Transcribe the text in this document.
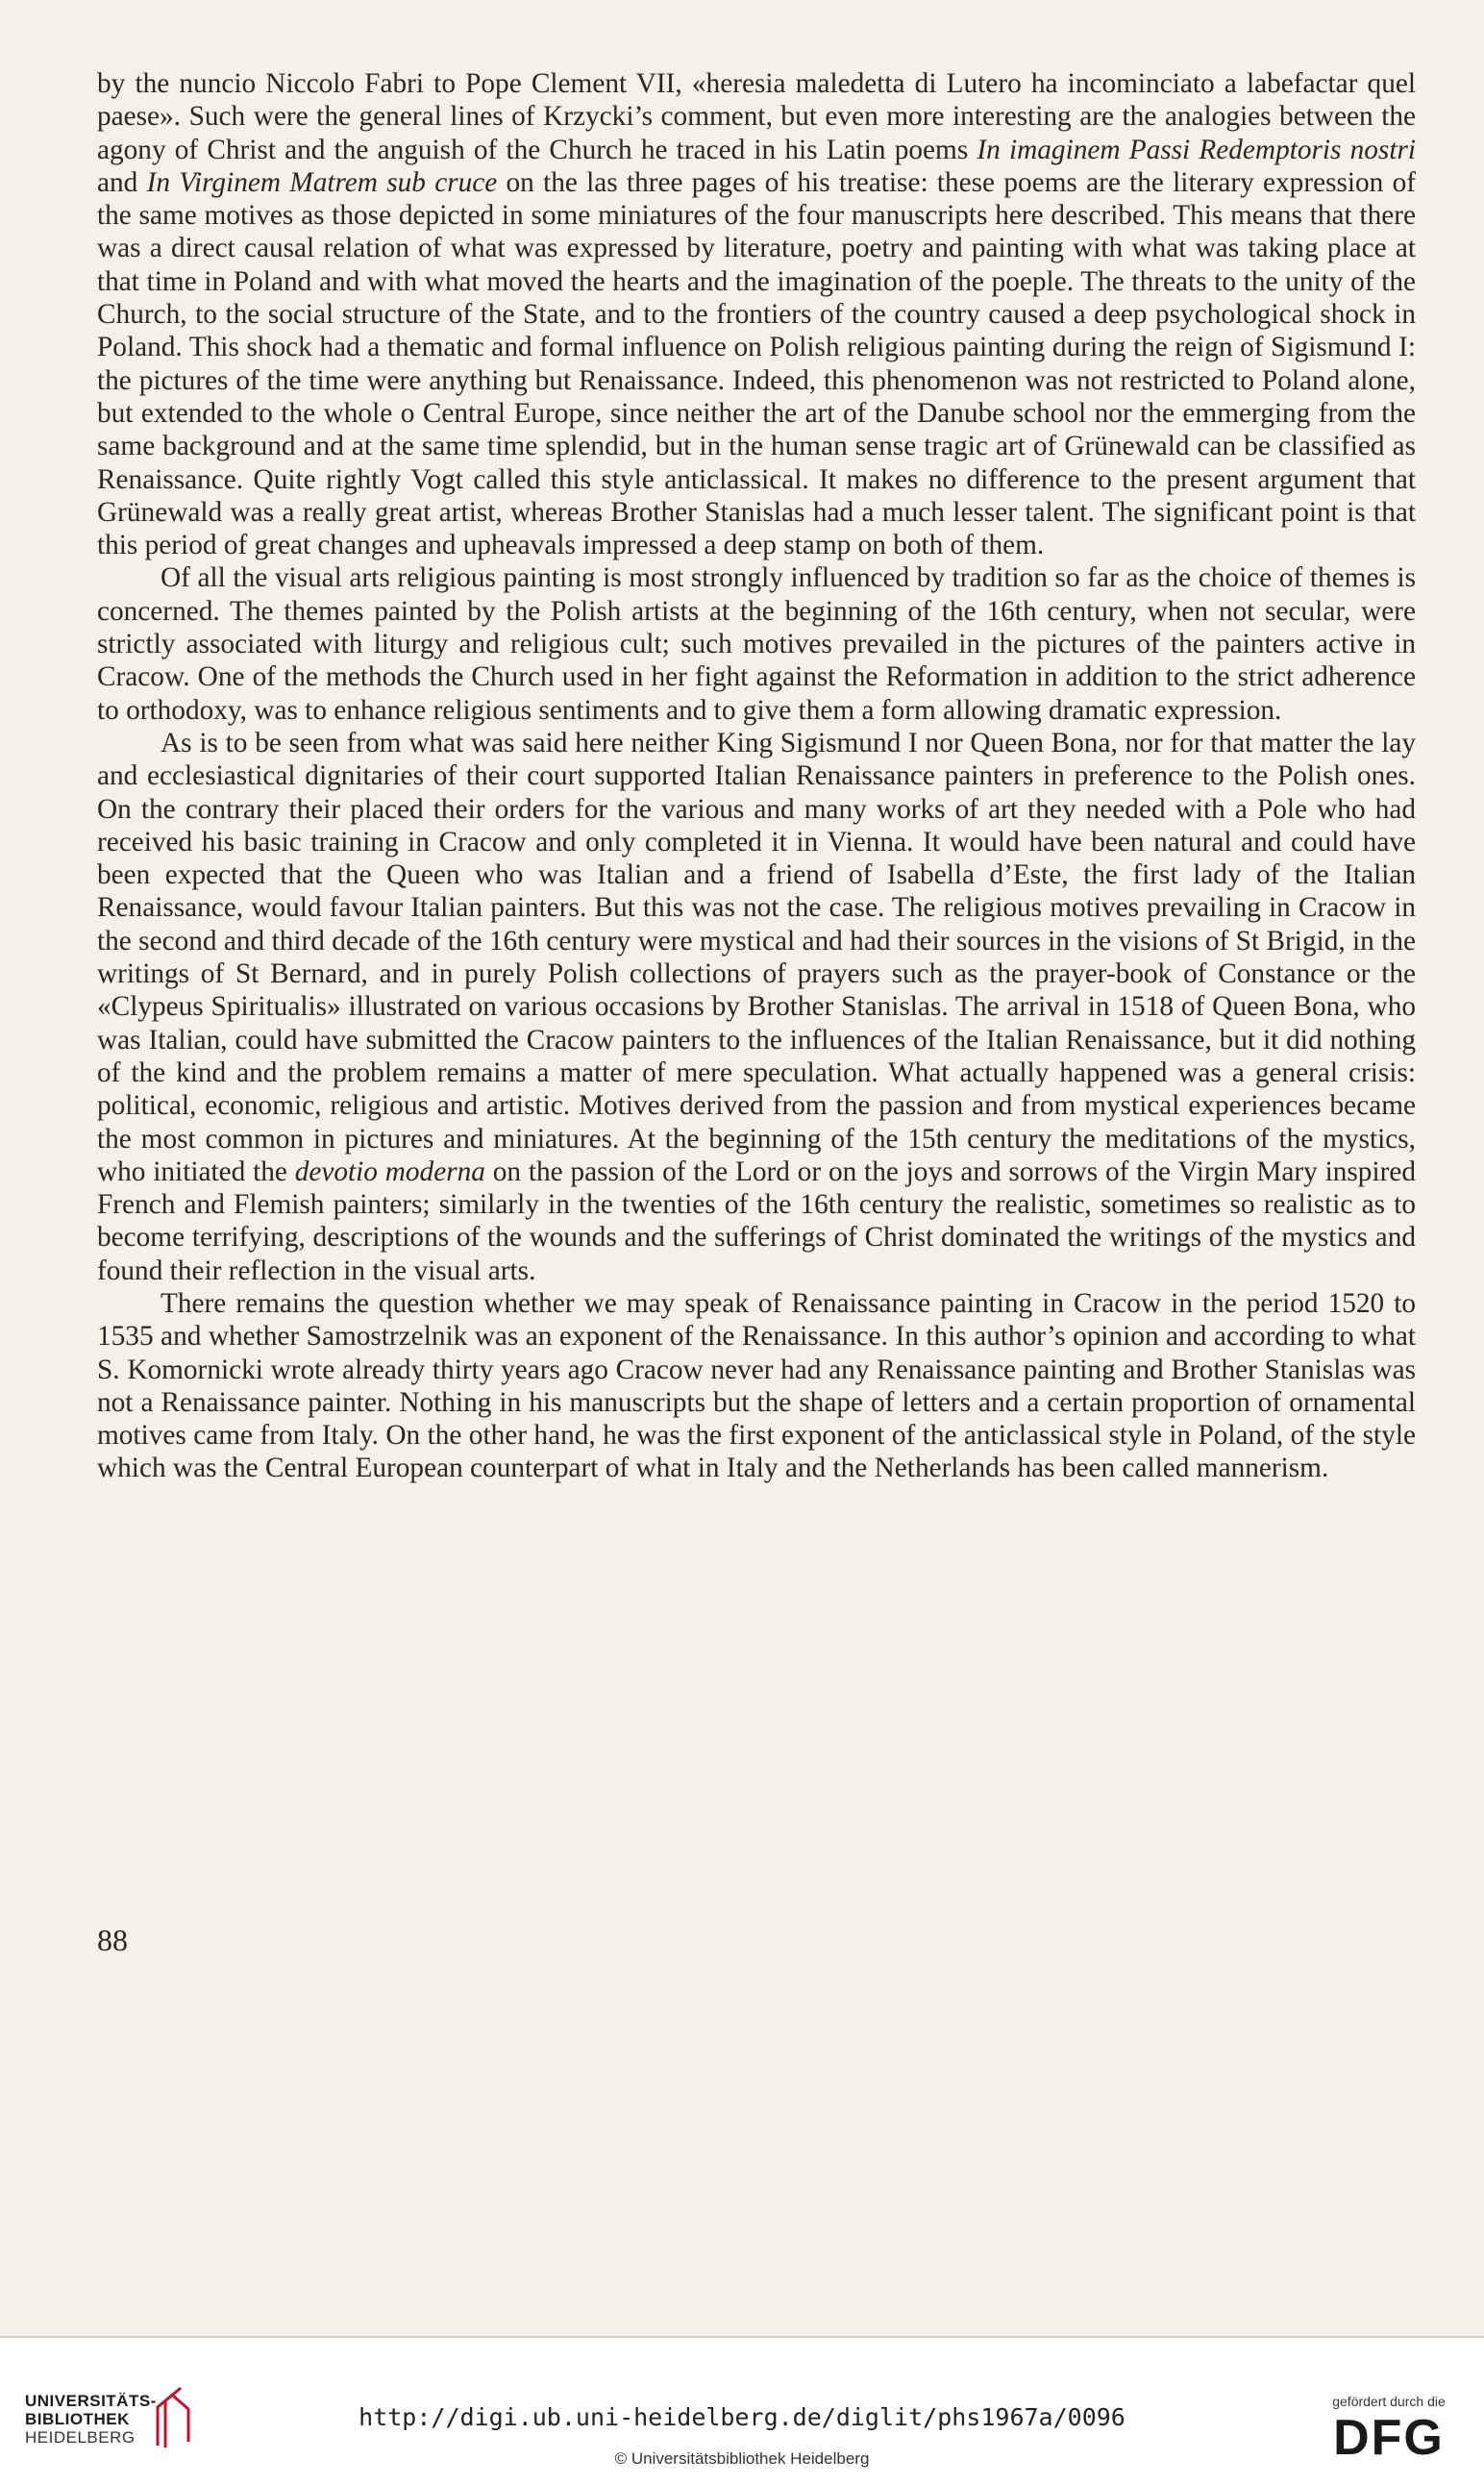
by the nuncio Niccolo Fabri to Pope Clement VII, «heresia maledetta di Lutero ha incominciato a labefactar quel paese». Such were the general lines of Krzycki’s comment, but even more interesting are the analogies between the agony of Christ and the anguish of the Church he traced in his Latin poems In imaginem Passi Redemptoris nostri and In Virginem Matrem sub cruce on the las three pages of his treatise: these poems are the literary expression of the same motives as those depicted in some miniatures of the four manuscripts here described. This means that there was a direct causal relation of what was expressed by literature, poetry and painting with what was taking place at that time in Poland and with what moved the hearts and the imagination of the poeple. The threats to the unity of the Church, to the social structure of the State, and to the frontiers of the country caused a deep psychological shock in Poland. This shock had a thematic and formal influence on Polish religious painting during the reign of Sigismund I: the pictures of the time were anything but Renaissance. Indeed, this phenomenon was not restricted to Poland alone, but extended to the whole o Central Europe, since neither the art of the Danube school nor the emmerging from the same background and at the same time splendid, but in the human sense tragic art of Grünewald can be classified as Renaissance. Quite rightly Vogt called this style anticlassical. It makes no difference to the present argument that Grünewald was a really great artist, whereas Brother Stanislas had a much lesser talent. The significant point is that this period of great changes and upheavals impressed a deep stamp on both of them.

Of all the visual arts religious painting is most strongly influenced by tradition so far as the choice of themes is concerned. The themes painted by the Polish artists at the beginning of the 16th century, when not secular, were strictly associated with liturgy and religious cult; such motives prevailed in the pictures of the painters active in Cracow. One of the methods the Church used in her fight against the Reformation in addition to the strict adherence to orthodoxy, was to enhance religious sentiments and to give them a form allowing dramatic expression.

As is to be seen from what was said here neither King Sigismund I nor Queen Bona, nor for that matter the lay and ecclesiastical dignitaries of their court supported Italian Renaissance painters in preference to the Polish ones. On the contrary their placed their orders for the various and many works of art they needed with a Pole who had received his basic training in Cracow and only completed it in Vienna. It would have been natural and could have been expected that the Queen who was Italian and a friend of Isabella d’Este, the first lady of the Italian Renaissance, would favour Italian painters. But this was not the case. The religious motives prevailing in Cracow in the second and third decade of the 16th century were mystical and had their sources in the visions of St Brigid, in the writings of St Bernard, and in purely Polish collections of prayers such as the prayer-book of Constance or the «Clypeus Spiritualis» illustrated on various occasions by Brother Stanislas. The arrival in 1518 of Queen Bona, who was Italian, could have submitted the Cracow painters to the influences of the Italian Renaissance, but it did nothing of the kind and the problem remains a matter of mere speculation. What actually happened was a general crisis: political, economic, religious and artistic. Motives derived from the passion and from mystical experiences became the most common in pictures and miniatures. At the beginning of the 15th century the meditations of the mystics, who initiated the devotio moderna on the passion of the Lord or on the joys and sorrows of the Virgin Mary inspired French and Flemish painters; similarly in the twenties of the 16th century the realistic, sometimes so realistic as to become terrifying, descriptions of the wounds and the sufferings of Christ dominated the writings of the mystics and found their reflection in the visual arts.

There remains the question whether we may speak of Renaissance painting in Cracow in the period 1520 to 1535 and whether Samostrzelnik was an exponent of the Renaissance. In this author’s opinion and according to what S. Komornicki wrote already thirty years ago Cracow never had any Renaissance painting and Brother Stanislas was not a Renaissance painter. Nothing in his manuscripts but the shape of letters and a certain proportion of ornamental motives came from Italy. On the other hand, he was the first exponent of the anticlassical style in Poland, of the style which was the Central European counterpart of what in Italy and the Netherlands has been called mannerism.

88
UNIVERSITÄTS-
BIBLIOTHEK
HEIDELBERG
http://digi.ub.uni-heidelberg.de/diglit/phs1967a/0096
© Universitätsbibliothek Heidelberg
gefördert durch die
DFG
